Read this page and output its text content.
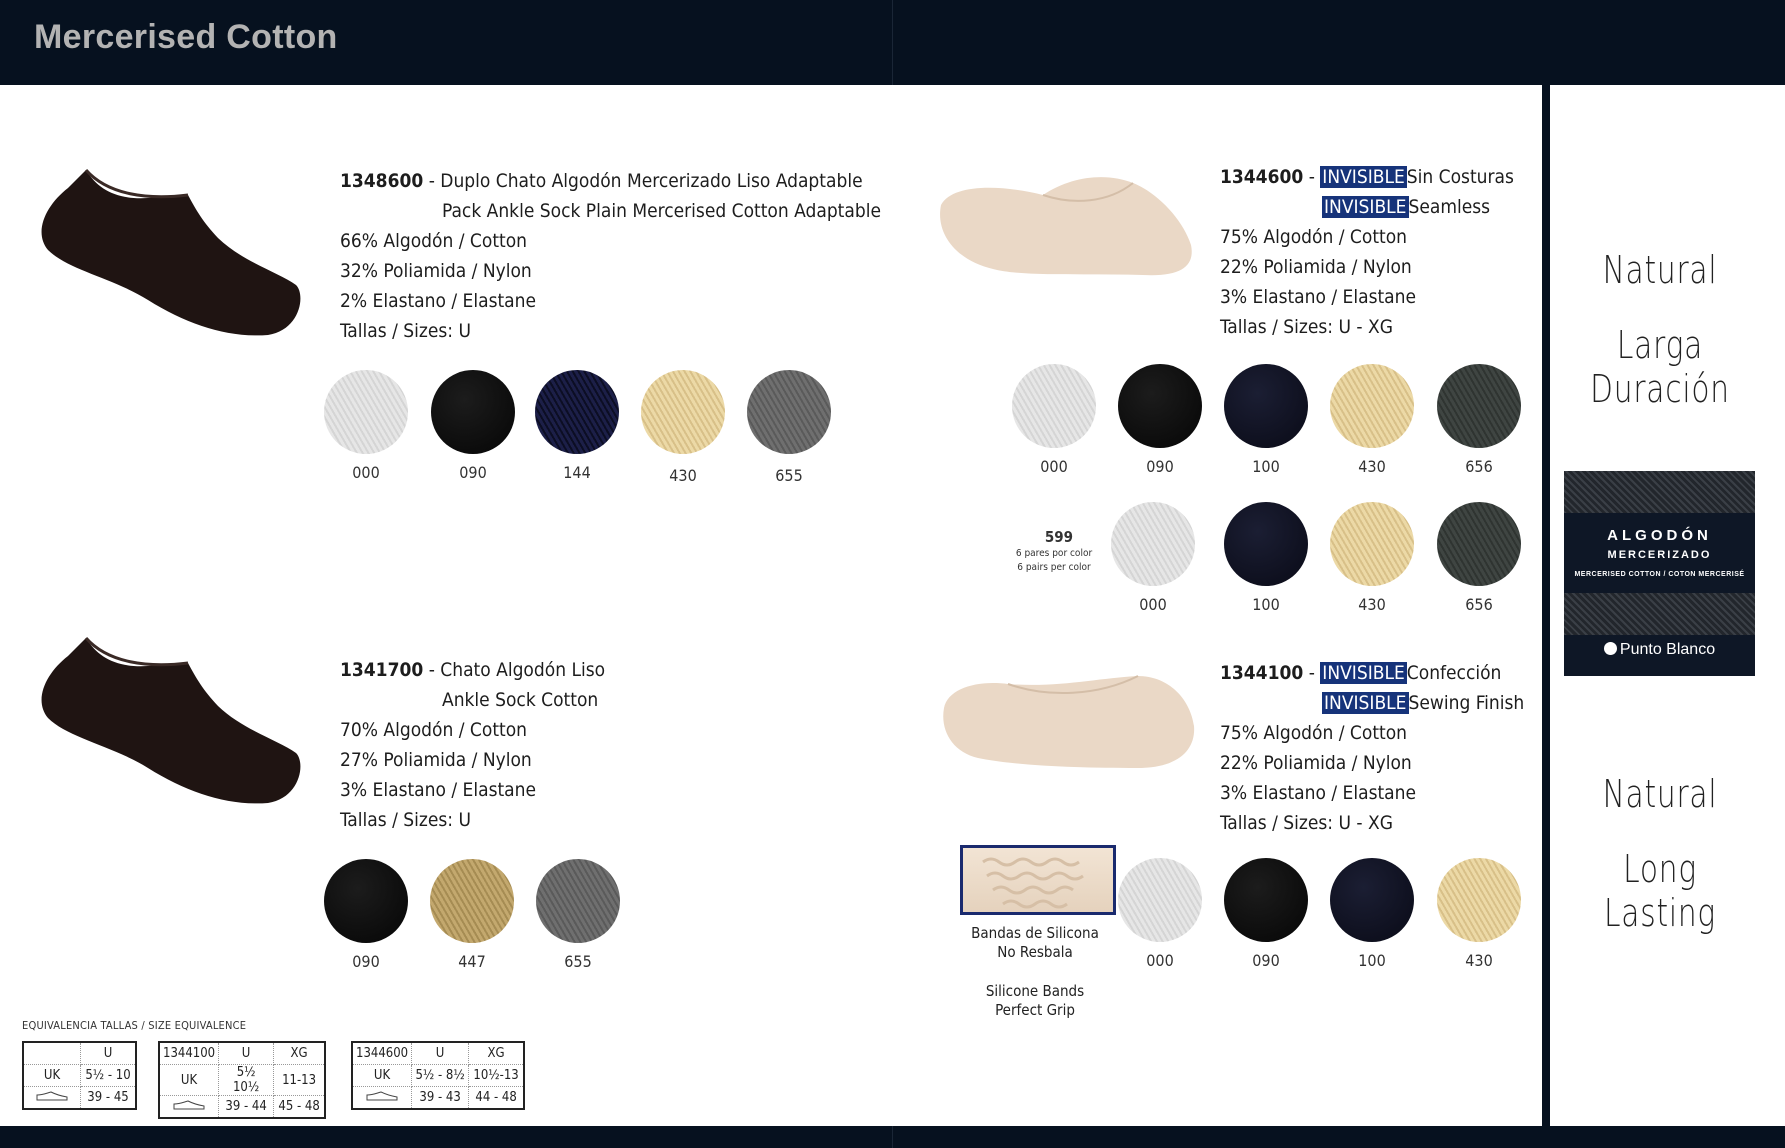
Mercerised Cotton
1348600 - Duplo Chato Algodón Mercerizado Liso Adaptable
Pack Ankle Sock Plain Mercerised Cotton Adaptable
66% Algodón / Cotton
32% Poliamida / Nylon
2% Elastano / Elastane
Tallas / Sizes: U
000	090	144	430	655
1341700 - Chato Algodón Liso
Ankle Sock Cotton
70% Algodón / Cotton
27% Poliamida / Nylon
3% Elastano / Elastane
Tallas / Sizes: U
090	447	655
1344600 - INVISIBLE Sin Costuras
INVISIBLE Seamless
75% Algodón / Cotton
22% Poliamida / Nylon
3% Elastano / Elastane
Tallas / Sizes: U - XG
000	090	100	430	656
599
6 pares por color
6 pairs per color
000	100	430	656
1344100 - INVISIBLE Confección
INVISIBLE Sewing Finish
75% Algodón / Cotton
22% Poliamida / Nylon
3% Elastano / Elastane
Tallas / Sizes: U - XG
Bandas de Silicona
No Resbala
Silicone Bands
Perfect Grip
000	090	100	430
Natural
Larga Duración
ALGODÓN
MERCERIZADO
MERCERISED COTTON / COTON MERCERISÉ
Punto Blanco
Natural
Long Lasting
EQUIVALENCIA TALLAS / SIZE EQUIVALENCE
	U
UK	5½ - 10
	39 - 45
1344100	U	XG
UK	5½ 10½	11-13
	39 - 44	45 - 48
1344600	U	XG
UK	5½ - 8½	10½-13
	39 - 43	44 - 48
